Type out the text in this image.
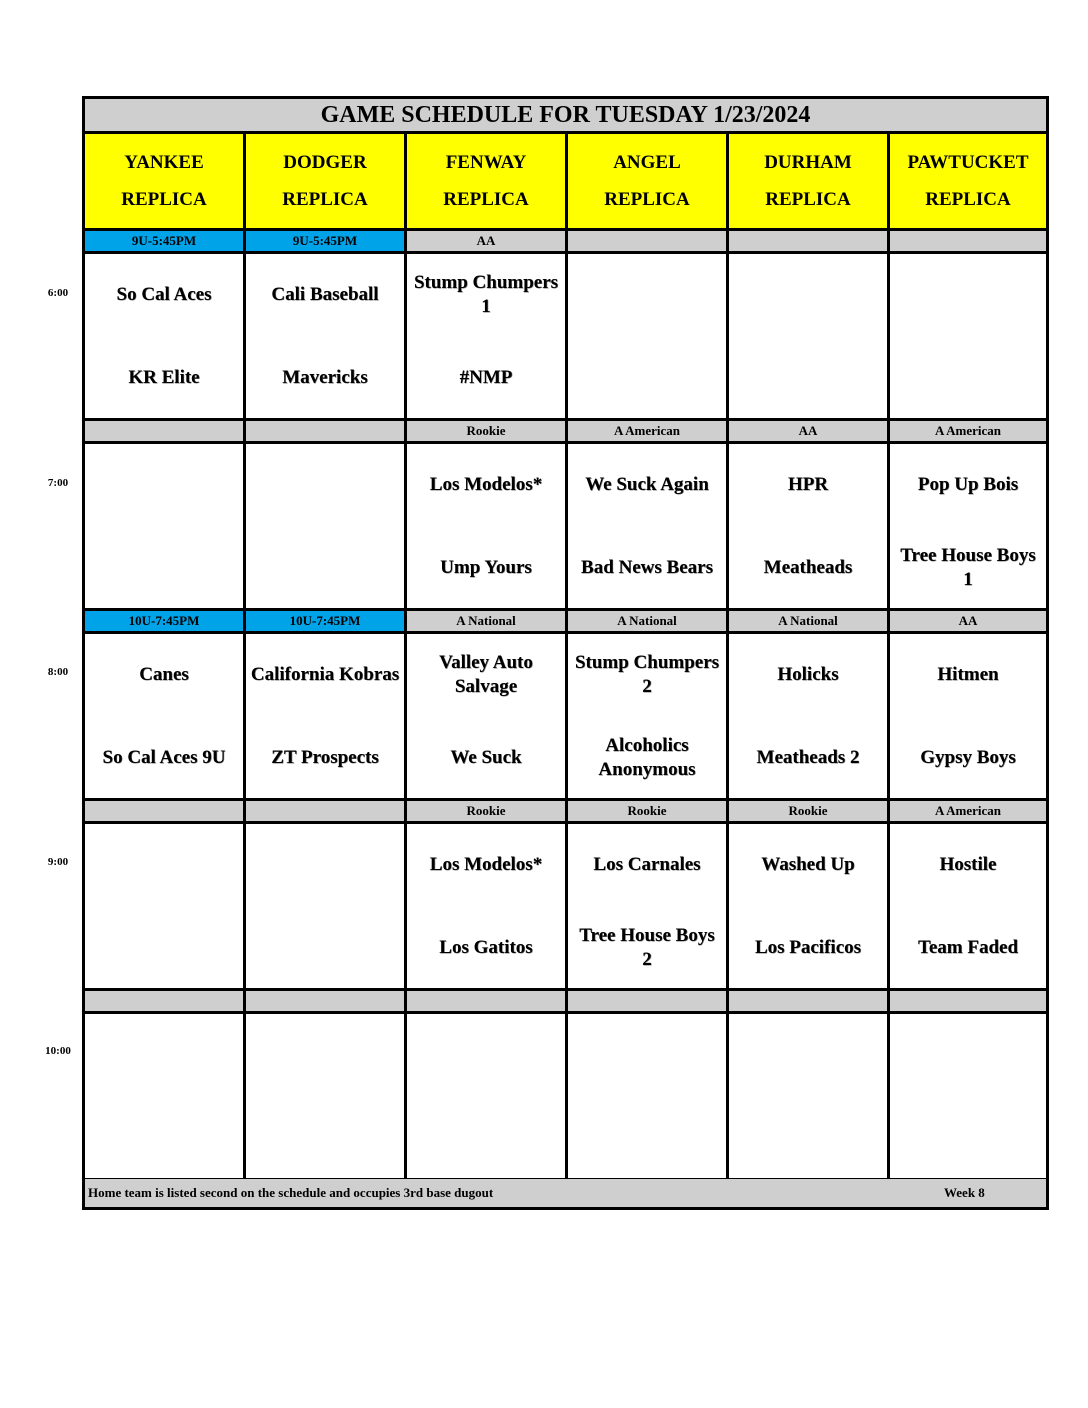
GAME SCHEDULE FOR TUESDAY 1/23/2024
YANKEE
REPLICA
DODGER
REPLICA
FENWAY
REPLICA
ANGEL
REPLICA
DURHAM
REPLICA
PAWTUCKET
REPLICA
9U-5:45PM
So Cal Aces
KR Elite
9U-5:45PM
Cali Baseball
Mavericks
AA
Stump Chumpers
1
#NMP
Rookie
Los Modelos*
Ump Yours
A American
We Suck Again
Bad News Bears
AA
HPR
Meatheads
A American
Pop Up Bois
Tree House Boys
1
10U-7:45PM
Canes
So Cal Aces 9U
10U-7:45PM
California Kobras
ZT Prospects
A National
Valley Auto
Salvage
We Suck
A National
Stump Chumpers
2
Alcoholics
Anonymous
A National
Holicks
Meatheads 2
AA
Hitmen
Gypsy Boys
Rookie
Los Modelos*
Los Gatitos
Rookie
Los Carnales
Tree House Boys
2
Rookie
Washed Up
Los Pacificos
A American
Hostile
Team Faded
Home team is listed second on the schedule and occupies 3rd base dugout	Week 8
6:00
7:00
8:00
9:00
10:00
